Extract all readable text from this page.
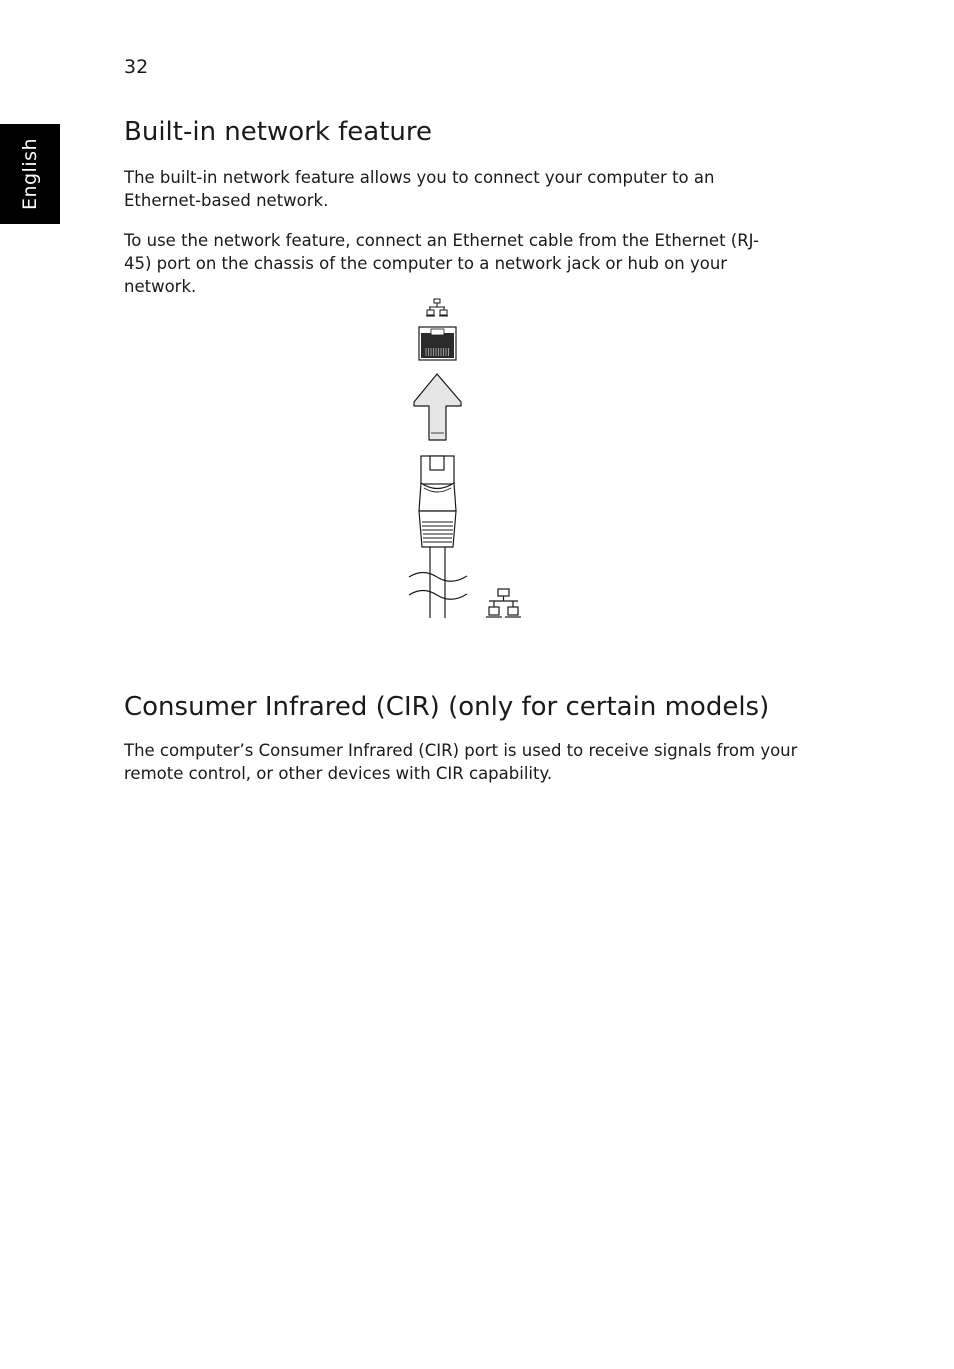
32
English
Built-in network feature

The built-in network feature allows you to connect your computer to an Ethernet-based network.

To use the network feature, connect an Ethernet cable from the Ethernet (RJ-45) port on the chassis of the computer to a network jack or hub on your network.

Consumer Infrared (CIR) (only for certain models)

The computer’s Consumer Infrared (CIR) port is used to receive signals from your remote control, or other devices with CIR capability.
